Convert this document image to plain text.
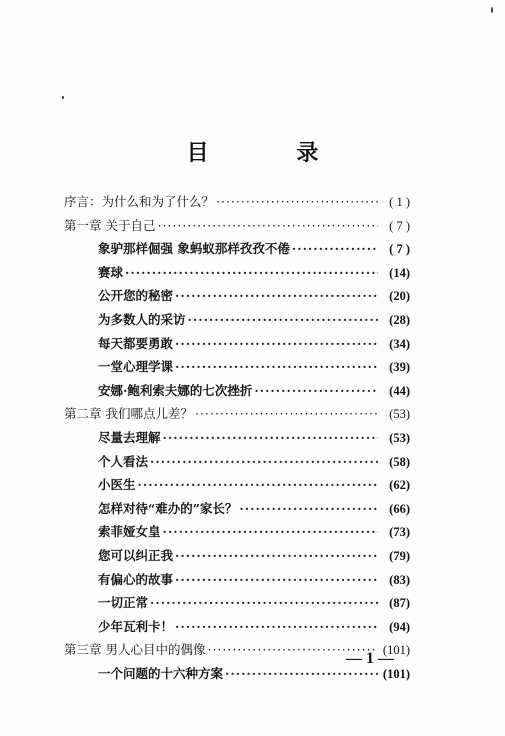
目 录
序言：为什么和为了什么？ ·····	( 1 )
第一章 关于自己 ·····	( 7 )
象驴那样倔强 象蚂蚁那样孜孜不倦 ·····	( 7 )
赛球 ·····	(14)
公开您的秘密 ·····	(20)
为多数人的采访 ·····	(28)
每天都要勇敢 ·····	(34)
一堂心理学课 ·····	(39)
安娜·鲍利索夫娜的七次挫折 ·····	(44)
第二章 我们哪点儿差？ ·····	(53)
尽量去理解 ·····	(53)
个人看法 ·····	(58)
小医生 ·····	(62)
怎样对待“难办的”家长？ ·····	(66)
索菲娅女皇 ·····	(73)
您可以纠正我 ·····	(79)
有偏心的故事 ·····	(83)
一切正常 ·····	(87)
少年瓦利卡！ ·····	(94)
第三章 男人心目中的偶像 ·····	(101)
一个问题的十六种方案 ·····	(101)
— 1 —
